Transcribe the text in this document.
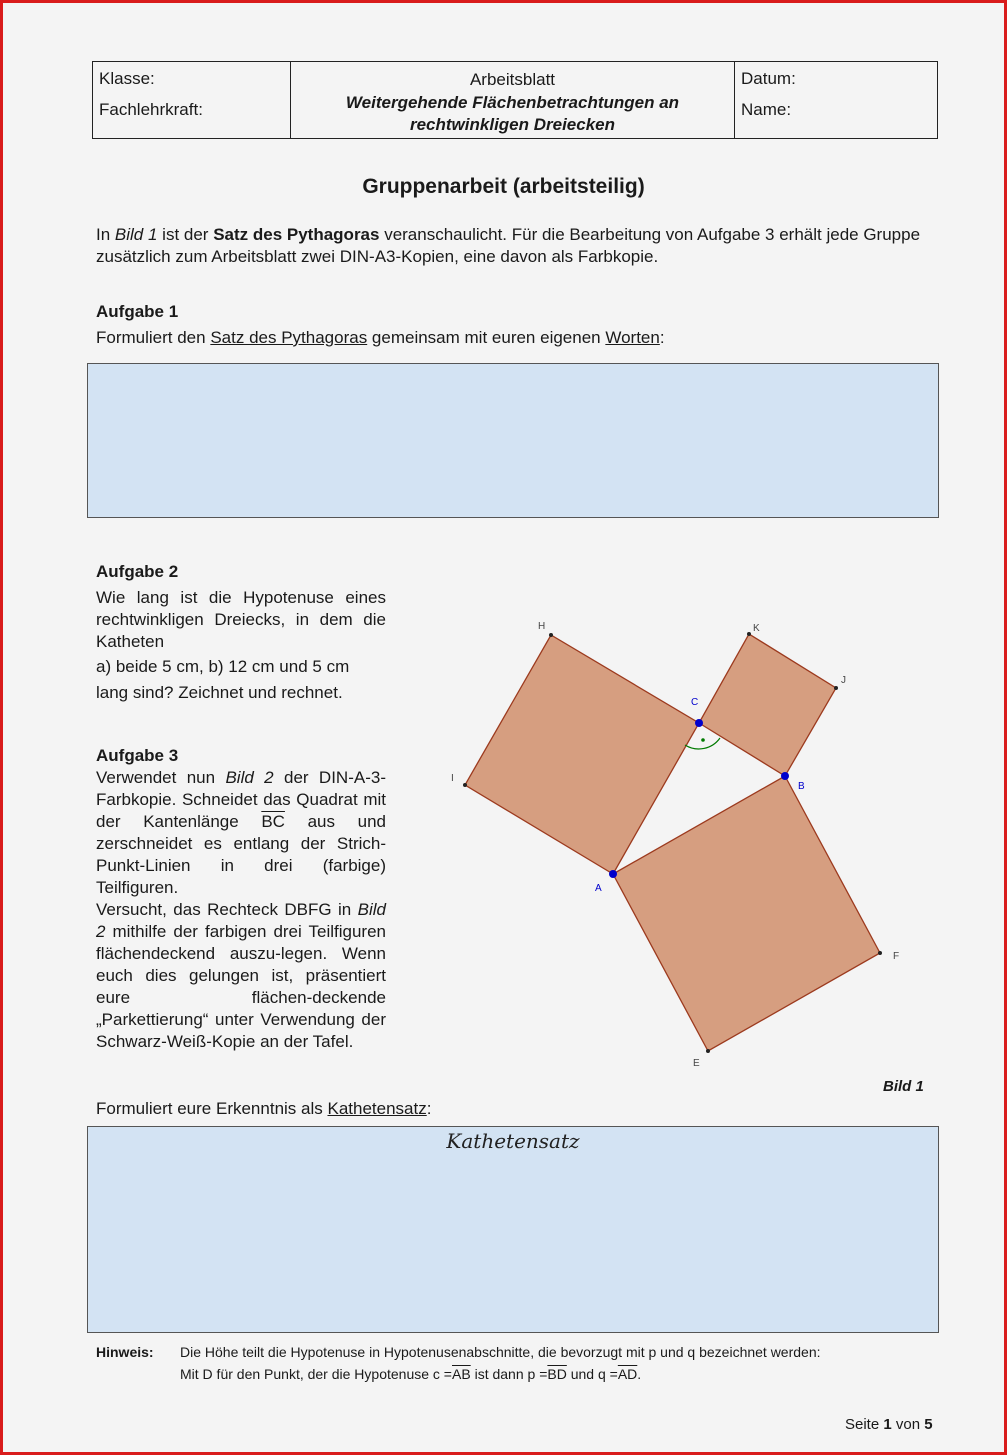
Klasse:
Fachlehrkraft:
Arbeitsblatt
Weitergehende Flächenbetrachtungen an rechtwinkligen Dreiecken
Datum:
Name:
Gruppenarbeit (arbeitsteilig)
In Bild 1 ist der Satz des Pythagoras veranschaulicht. Für die Bearbeitung von Aufgabe 3 erhält jede Gruppe zusätzlich zum Arbeitsblatt zwei DIN-A3-Kopien, eine davon als Farbkopie.
Aufgabe 1
Formuliert den Satz des Pythagoras gemeinsam mit euren eigenen Worten:
Aufgabe 2
Wie lang ist die Hypotenuse eines rechtwinkligen Dreiecks, in dem die Katheten
a) beide 5 cm, b) 12 cm und 5 cm
lang sind? Zeichnet und rechnet.
Aufgabe 3
Verwendet nun Bild 2 der DIN-A-3-Farbkopie. Schneidet das Quadrat mit der Kantenlänge $\overline{BC}$ aus und zerschneidet es entlang der Strich-Punkt-Linien in drei (farbige) Teilfiguren.
Versucht, das Rechteck DBFG in Bild 2 mithilfe der farbigen drei Teilfiguren flächendeckend auszu-legen. Wenn euch dies gelungen ist, präsentiert eure flächen-deckende „Parkettierung“ unter Verwendung der Schwarz-Weiß-Kopie an der Tafel.
A
B
C
E
F
H
I
J
K
Bild 1
Formuliert eure Erkenntnis als Kathetensatz:
Kathetensatz
Hinweis: Die Höhe teilt die Hypotenuse in Hypotenusenabschnitte, die bevorzugt mit p und q bezeichnet werden:
Mit D für den Punkt, der die Hypotenuse $c =\overline{AB}$ ist dann $p =\overline{BD}$ und $q =\overline{AD}$.
Seite 1 von 5
